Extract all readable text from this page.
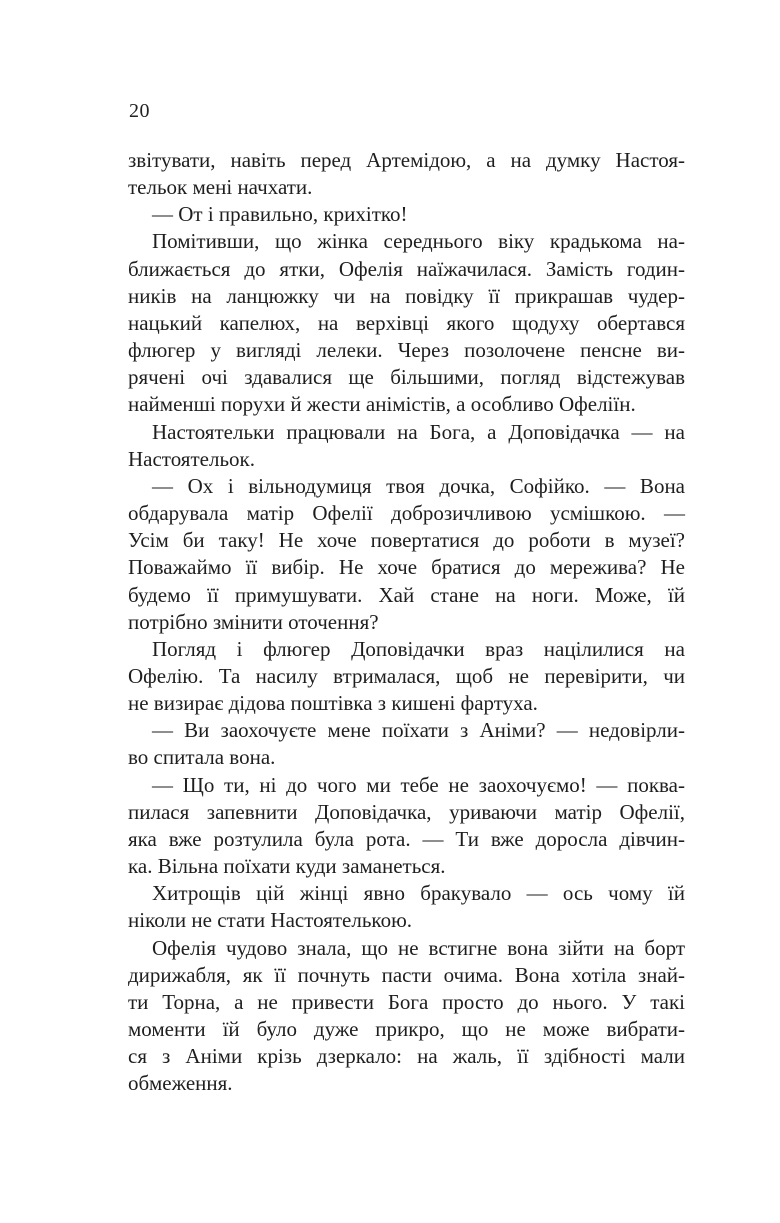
20
звітувати, навіть перед Артемідою, а на думку Настоя-
тельок мені начхати.
— От і правильно, крихітко!
Помітивши, що жінка середнього віку крадькома на-
ближається до ятки, Офелія наїжачилася. Замість годин-
ників на ланцюжку чи на повідку її прикрашав чудер-
нацький капелюх, на верхівці якого щодуху обертався
флюгер у вигляді лелеки. Через позолочене пенсне ви-
рячені очі здавалися ще більшими, погляд відстежував
найменші порухи й жести анімістів, а особливо Офеліїн.
Настоятельки працювали на Бога, а Доповідачка — на
Настоятельок.
— Ох і вільнодумиця твоя дочка, Софійко. — Вона
обдарувала матір Офелії доброзичливою усмішкою. —
Усім би таку! Не хоче повертатися до роботи в музеї?
Поважаймо її вибір. Не хоче братися до мережива? Не
будемо її примушувати. Хай стане на ноги. Може, їй
потрібно змінити оточення?
Погляд і флюгер Доповідачки враз націлилися на
Офелію. Та насилу втрималася, щоб не перевірити, чи
не визирає дідова поштівка з кишені фартуха.
— Ви заохочуєте мене поїхати з Аніми? — недовірли-
во спитала вона.
— Що ти, ні до чого ми тебе не заохочуємо! — поква-
пилася запевнити Доповідачка, уриваючи матір Офелії,
яка вже розтулила була рота. — Ти вже доросла дівчин-
ка. Вільна поїхати куди заманеться.
Хитрощів цій жінці явно бракувало — ось чому їй
ніколи не стати Настоятелькою.
Офелія чудово знала, що не встигне вона зійти на борт
дирижабля, як її почнуть пасти очима. Вона хотіла знай-
ти Торна, а не привести Бога просто до нього. У такі
моменти їй було дуже прикро, що не може вибрати-
ся з Аніми крізь дзеркало: на жаль, її здібності мали
обмеження.
